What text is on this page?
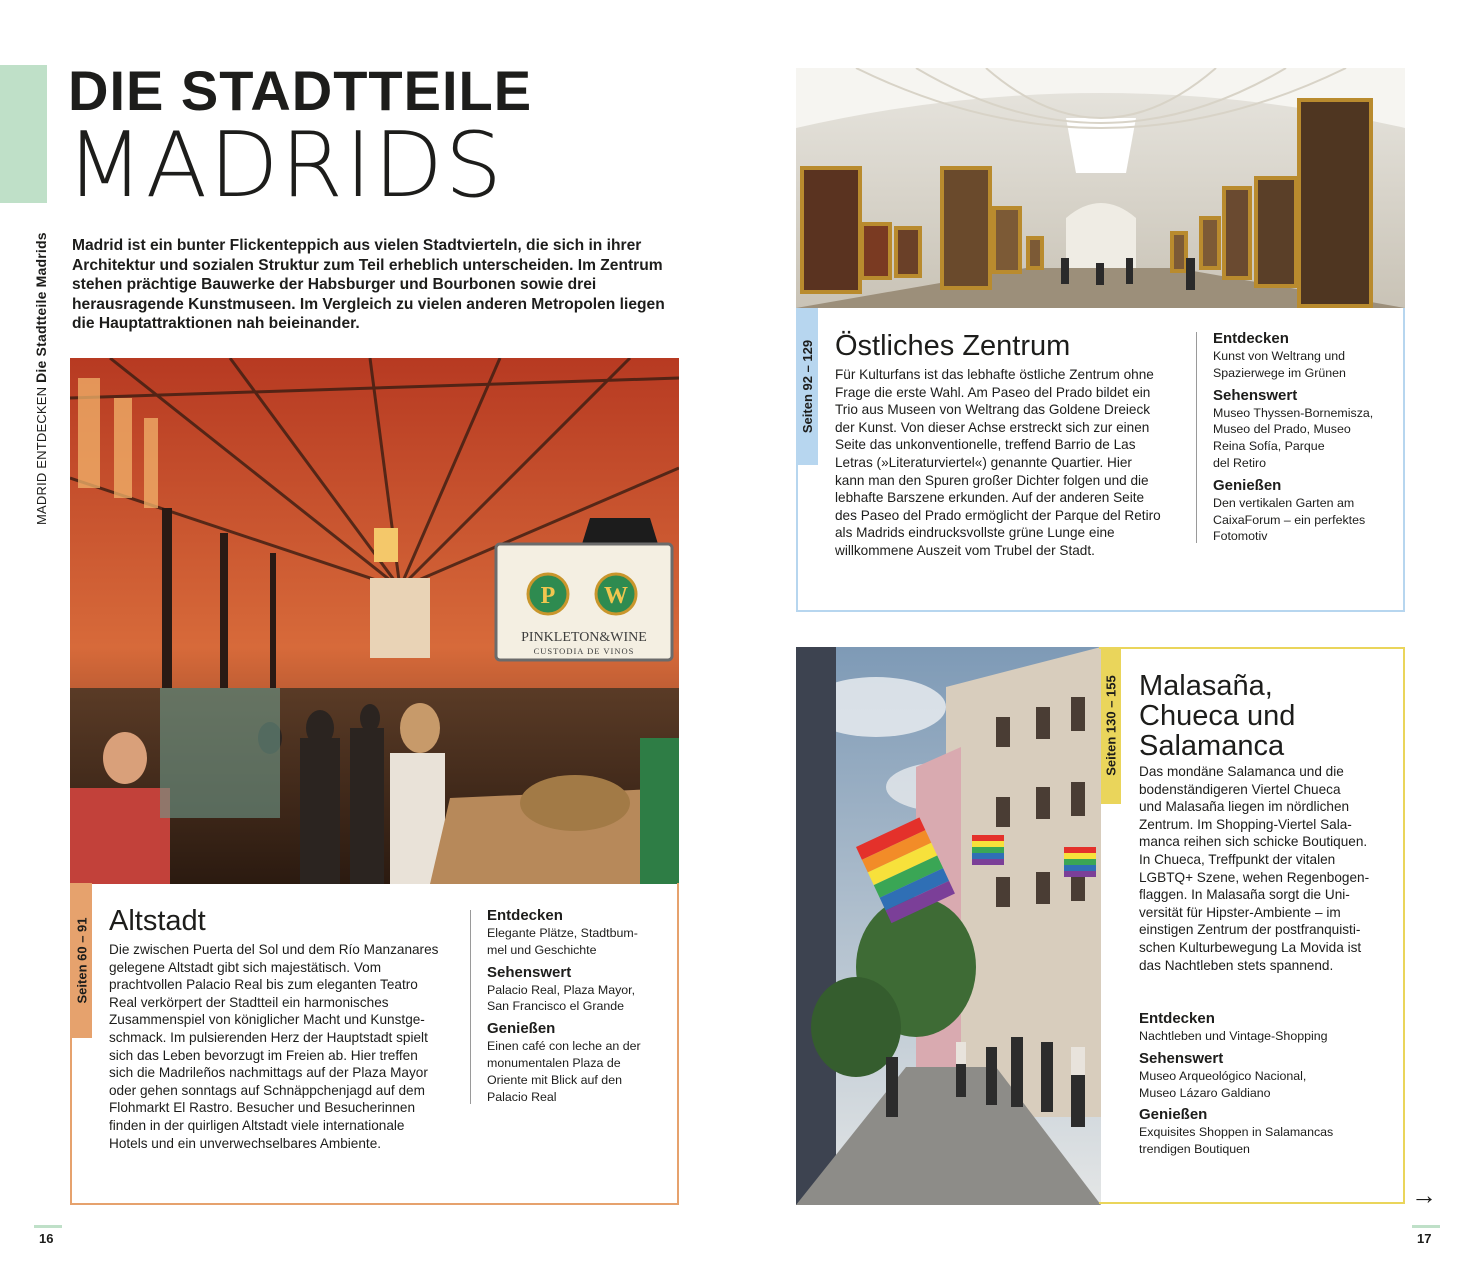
MADRID ENTDECKEN Die Stadtteile Madrids
DIE STADTTEILE
MADRIDS
Madrid ist ein bunter Flickenteppich aus vielen Stadtvierteln, die sich in ihrer Architektur und sozialen Struktur zum Teil erheblich unterscheiden. Im Zentrum stehen prächtige Bauwerke der Habsburger und Bourbonen sowie drei herausragende Kunstmuseen. Im Vergleich zu vielen anderen Metropolen liegen die Hauptattraktionen nah beieinander.
P W
PINKLETON&WINE
CUSTODIA DE VINOS
Seiten 60 – 91 Altstadt
Die zwischen Puerta del Sol und dem Río Manzanares
gelegene Altstadt gibt sich majestätisch. Vom
prachtvollen Palacio Real bis zum eleganten Teatro
Real verkörpert der Stadtteil ein harmonisches
Zusammenspiel von königlicher Macht und Kunstge-
schmack. Im pulsierenden Herz der Hauptstadt spielt
sich das Leben bevorzugt im Freien ab. Hier treffen
sich die Madrileños nachmittags auf der Plaza Mayor
oder gehen sonntags auf Schnäppchenjagd auf dem
Flohmarkt El Rastro. Besucher und Besucherinnen
finden in der quirligen Altstadt viele internationale
Hotels und ein unverwechselbares Ambiente.
Entdecken
Elegante Plätze, Stadtbum-
mel und Geschichte
Sehenswert
Palacio Real, Plaza Mayor,
San Francisco el Grande
Genießen
Einen café con leche an der
monumentalen Plaza de
Oriente mit Blick auf den
Palacio Real
16
Seiten 92 – 129 Östliches Zentrum
Für Kulturfans ist das lebhafte östliche Zentrum ohne
Frage die erste Wahl. Am Paseo del Prado bildet ein
Trio aus Museen von Weltrang das Goldene Dreieck
der Kunst. Von dieser Achse erstreckt sich zur einen
Seite das unkonventionelle, treffend Barrio de Las
Letras (»Literaturviertel«) genannte Quartier. Hier
kann man den Spuren großer Dichter folgen und die
lebhafte Barszene erkunden. Auf der anderen Seite
des Paseo del Prado ermöglicht der Parque del Retiro
als Madrids eindrucksvollste grüne Lunge eine
willkommene Auszeit vom Trubel der Stadt.
Entdecken
Kunst von Weltrang und
Spazierwege im Grünen
Sehenswert
Museo Thyssen-Bornemisza,
Museo del Prado, Museo
Reina Sofía, Parque
del Retiro
Genießen
Den vertikalen Garten am
CaixaForum – ein perfektes
Fotomotiv
Seiten 130 – 155 Malasaña,
Chueca und
Salamanca
Das mondäne Salamanca und die
bodenständigeren Viertel Chueca
und Malasaña liegen im nördlichen
Zentrum. Im Shopping-Viertel Sala-
manca reihen sich schicke Boutiquen.
In Chueca, Treffpunkt der vitalen
LGBTQ+ Szene, wehen Regenbogen-
flaggen. In Malasaña sorgt die Uni-
versität für Hipster-Ambiente – im
einstigen Zentrum der postfranquisti-
schen Kulturbewegung La Movida ist
das Nachtleben stets spannend.
Entdecken
Nachtleben und Vintage-Shopping
Sehenswert
Museo Arqueológico Nacional,
Museo Lázaro Galdiano
Genießen
Exquisites Shoppen in Salamancas
trendigen Boutiquen
→
17
